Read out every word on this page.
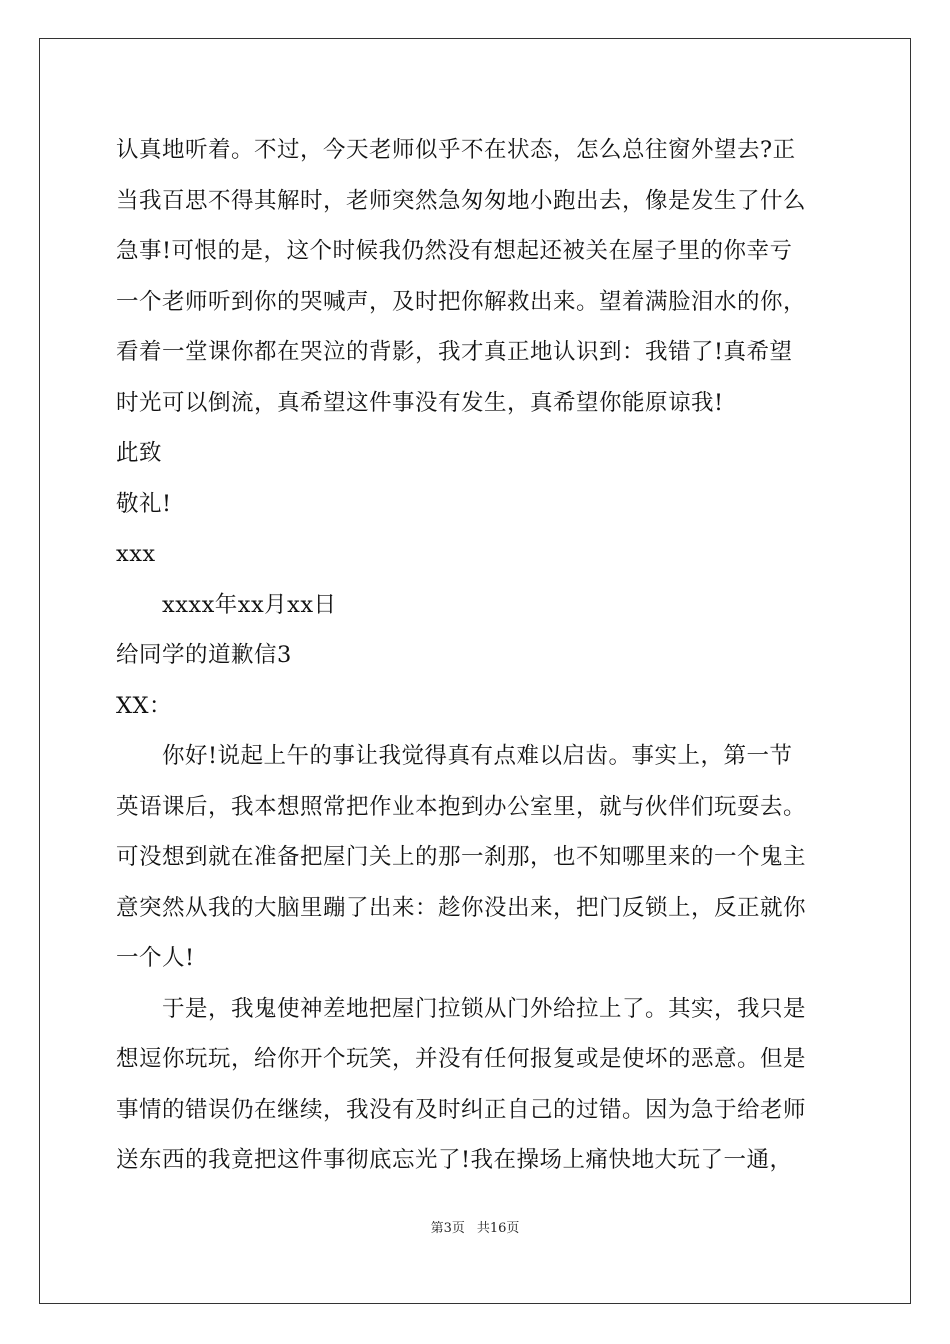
认真地听着。不过，今天老师似乎不在状态，怎么总往窗外望去?正
当我百思不得其解时，老师突然急匆匆地小跑出去，像是发生了什么
急事!可恨的是，这个时候我仍然没有想起还被关在屋子里的你幸亏
一个老师听到你的哭喊声，及时把你解救出来。望着满脸泪水的你，
看着一堂课你都在哭泣的背影，我才真正地认识到：我错了!真希望
时光可以倒流，真希望这件事没有发生，真希望你能原谅我!
此致
敬礼!
xxx
xxxx年xx月xx日
给同学的道歉信3
XX：
你好!说起上午的事让我觉得真有点难以启齿。事实上，第一节
英语课后，我本想照常把作业本抱到办公室里，就与伙伴们玩耍去。
可没想到就在准备把屋门关上的那一刹那，也不知哪里来的一个鬼主
意突然从我的大脑里蹦了出来：趁你没出来，把门反锁上，反正就你
一个人!
于是，我鬼使神差地把屋门拉锁从门外给拉上了。其实，我只是
想逗你玩玩，给你开个玩笑，并没有任何报复或是使坏的恶意。但是
事情的错误仍在继续，我没有及时纠正自己的过错。因为急于给老师
送东西的我竟把这件事彻底忘光了!我在操场上痛快地大玩了一通，
第3页 共16页
